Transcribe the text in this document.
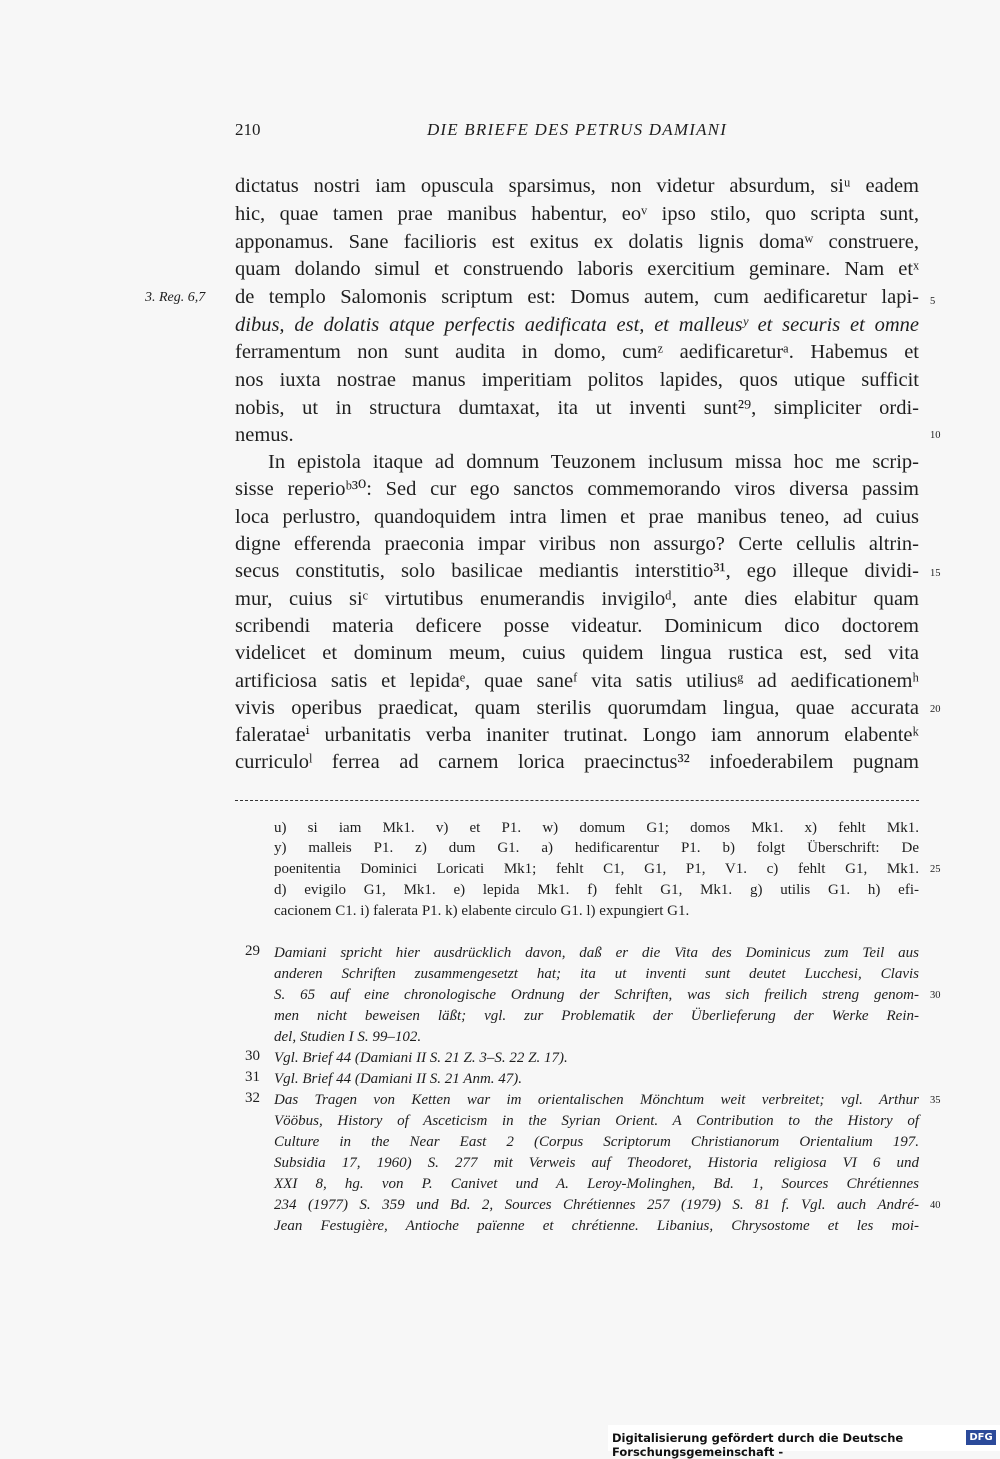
210	DIE BRIEFE DES PETRUS DAMIANI
3. Reg. 6,7
dictatus nostri iam opuscula sparsimus, non videtur absurdum, siᵘ eadem
hic, quae tamen prae manibus habentur, eoᵛ ipso stilo, quo scripta sunt,
apponamus. Sane facilioris est exitus ex dolatis lignis domaʷ construere,
quam dolando simul et construendo laboris exercitium geminare. Nam etˣ
de templo Salomonis scriptum est: Domus autem, cum aedificaretur lapi-
dibus, de dolatis atque perfectis aedificata est, et malleusʸ et securis et omne
ferramentum non sunt audita in domo, cumᶻ aedificareturᵃ. Habemus et
nos iuxta nostrae manus imperitiam politos lapides, quos utique sufficit
nobis, ut in structura dumtaxat, ita ut inventi sunt²⁹, simpliciter ordi-
nemus.
In epistola itaque ad domnum Teuzonem inclusum missa hoc me scrip-
sisse reperioᵇ³⁰: Sed cur ego sanctos commemorando viros diversa passim
loca perlustro, quandoquidem intra limen et prae manibus teneo, ad cuius
digne efferenda praeconia impar viribus non assurgo? Certe cellulis altrin-
secus constitutis, solo basilicae mediantis interstitio³¹, ego illeque dividi-
mur, cuius siᶜ virtutibus enumerandis invigiloᵈ, ante dies elabitur quam
scribendi materia deficere posse videatur. Dominicum dico doctorem
videlicet et dominum meum, cuius quidem lingua rustica est, sed vita
artificiosa satis et lepidaᵉ, quae saneᶠ vita satis utiliusᵍ ad aedificationemʰ
vivis operibus praedicat, quam sterilis quorumdam lingua, quae accurata
falerataeⁱ urbanitatis verba inaniter trutinat. Longo iam annorum elabenteᵏ
curriculoˡ ferrea ad carnem lorica praecinctus³² infoederabilem pugnam
5
10
15
20
u) si iam Mk1. v) et P1. w) domum G1; domos Mk1. x) fehlt Mk1.
y) malleis P1. z) dum G1. a) hedificarentur P1. b) folgt Überschrift: De
poenitentia Dominici Loricati Mk1; fehlt C1, G1, P1, V1. c) fehlt G1, Mk1.
d) evigilo G1, Mk1. e) lepida Mk1. f) fehlt G1, Mk1. g) utilis G1. h) efi-
cacionem C1. i) falerata P1. k) elabente circulo G1. l) expungiert G1.
25
29 Damiani spricht hier ausdrücklich davon, daß er die Vita des Dominicus zum Teil aus
anderen Schriften zusammengesetzt hat; ita ut inventi sunt deutet Lucchesi, Clavis
S. 65 auf eine chronologische Ordnung der Schriften, was sich freilich streng genom-
men nicht beweisen läßt; vgl. zur Problematik der Überlieferung der Werke Rein-
del, Studien I S. 99–102.
30 Vgl. Brief 44 (Damiani II S. 21 Z. 3–S. 22 Z. 17).
31 Vgl. Brief 44 (Damiani II S. 21 Anm. 47).
32 Das Tragen von Ketten war im orientalischen Mönchtum weit verbreitet; vgl. Arthur
Vööbus, History of Asceticism in the Syrian Orient. A Contribution to the History of
Culture in the Near East 2 (Corpus Scriptorum Christianorum Orientalium 197.
Subsidia 17, 1960) S. 277 mit Verweis auf Theodoret, Historia religiosa VI 6 und
XXI 8, hg. von P. Canivet und A. Leroy-Molinghen, Bd. 1, Sources Chrétiennes
234 (1977) S. 359 und Bd. 2, Sources Chrétiennes 257 (1979) S. 81 f. Vgl. auch André-
Jean Festugière, Antioche païenne et chrétienne. Libanius, Chrysostome et les moi-
30
35
40
Digitalisierung gefördert durch die Deutsche Forschungsgemeinschaft -
DFG
